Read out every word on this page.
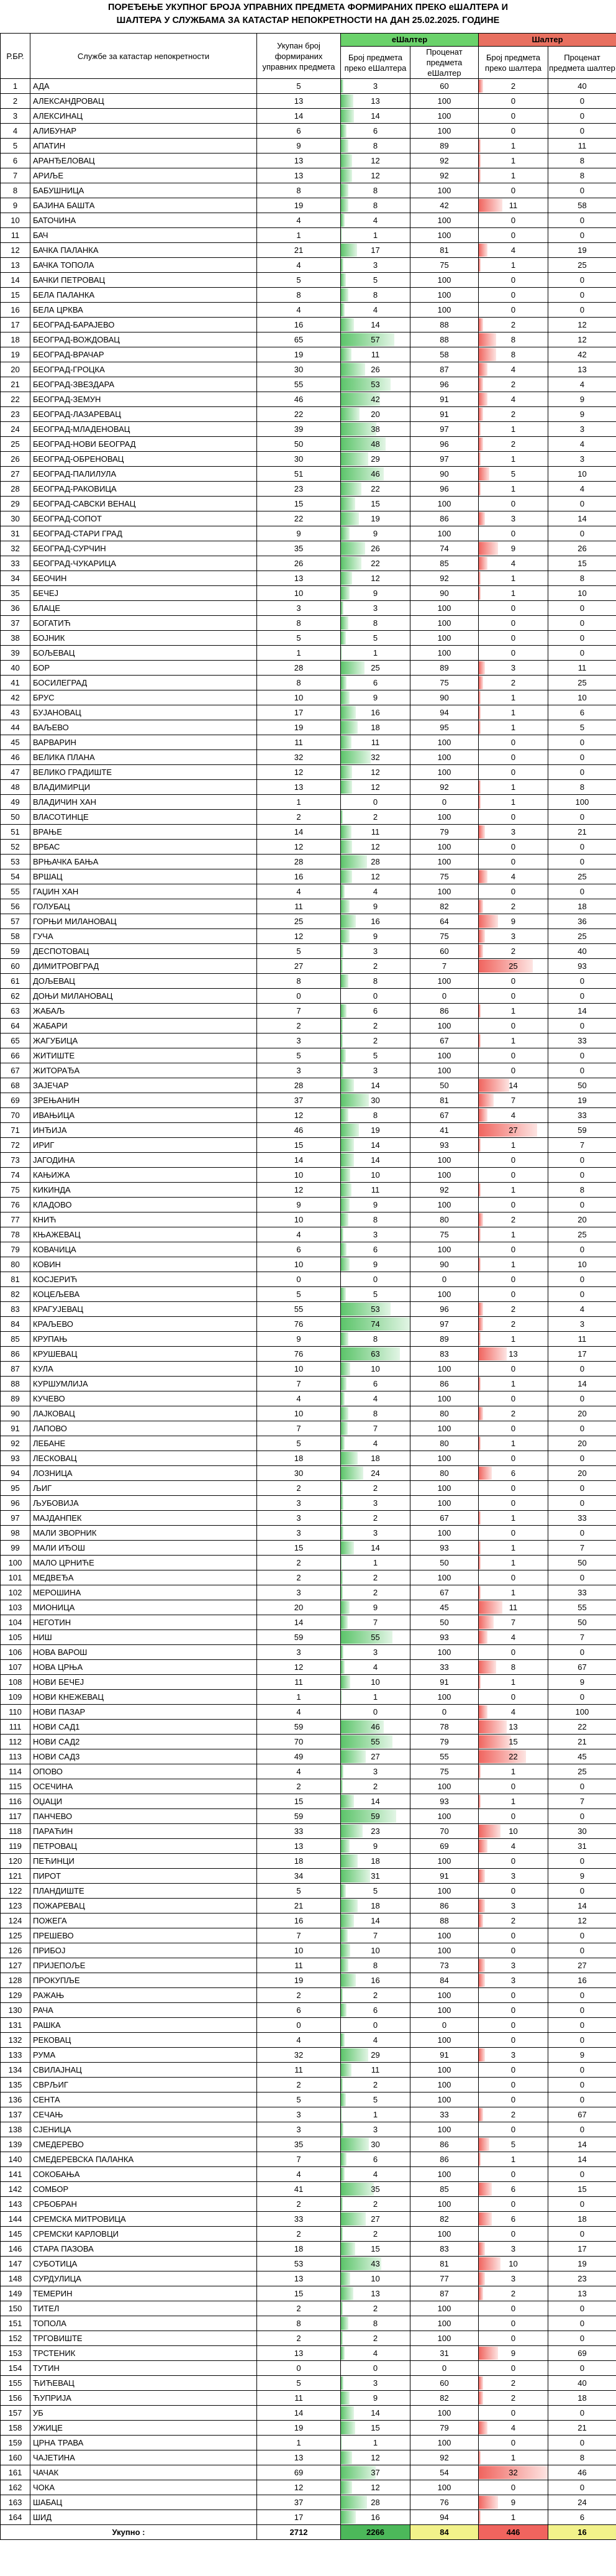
ПОРЕЂЕЊЕ УКУПНОГ БРОЈА УПРАВНИХ ПРЕДМЕТА ФОРМИРАНИХ ПРЕКО еШАЛТЕРА И
ШАЛТЕРА У СЛУЖБАМА ЗА КАТАСТАР НЕПОКРЕТНОСТИ НА ДАН 25.02.2025. ГОДИНЕ
Р.БР.	Службе за катастар непокретности	Укупан број формираних управних предмета	еШалтер		Шалтер	
			Број предмета преко еШалтера	Проценат предмета еШалтер	Број предмета преко шалтера	Проценат предмета шалтер
1	АДА	5	3	60	2	40
2	АЛЕКСАНДРОВАЦ	13	13	100	0	0
3	АЛЕКСИНАЦ	14	14	100	0	0
4	АЛИБУНАР	6	6	100	0	0
5	АПАТИН	9	8	89	1	11
6	АРАНЂЕЛОВАЦ	13	12	92	1	8
7	АРИЉЕ	13	12	92	1	8
8	БАБУШНИЦА	8	8	100	0	0
9	БАЈИНА БАШТА	19	8	42	11	58
10	БАТОЧИНА	4	4	100	0	0
11	БАЧ	1	1	100	0	0
12	БАЧКА ПАЛАНКА	21	17	81	4	19
13	БАЧКА ТОПОЛА	4	3	75	1	25
14	БАЧКИ ПЕТРОВАЦ	5	5	100	0	0
15	БЕЛА ПАЛАНКА	8	8	100	0	0
16	БЕЛА ЦРКВА	4	4	100	0	0
17	БЕОГРАД-БАРАЈЕВО	16	14	88	2	12
18	БЕОГРАД-ВОЖДОВАЦ	65	57	88	8	12
19	БЕОГРАД-ВРАЧАР	19	11	58	8	42
20	БЕОГРАД-ГРОЦКА	30	26	87	4	13
21	БЕОГРАД-ЗВЕЗДАРА	55	53	96	2	4
22	БЕОГРАД-ЗЕМУН	46	42	91	4	9
23	БЕОГРАД-ЛАЗАРЕВАЦ	22	20	91	2	9
24	БЕОГРАД-МЛАДЕНОВАЦ	39	38	97	1	3
25	БЕОГРАД-НОВИ БЕОГРАД	50	48	96	2	4
26	БЕОГРАД-ОБРЕНОВАЦ	30	29	97	1	3
27	БЕОГРАД-ПАЛИЛУЛА	51	46	90	5	10
28	БЕОГРАД-РАКОВИЦА	23	22	96	1	4
29	БЕОГРАД-САВСКИ ВЕНАЦ	15	15	100	0	0
30	БЕОГРАД-СОПОТ	22	19	86	3	14
31	БЕОГРАД-СТАРИ ГРАД	9	9	100	0	0
32	БЕОГРАД-СУРЧИН	35	26	74	9	26
33	БЕОГРАД-ЧУКАРИЦА	26	22	85	4	15
34	БЕОЧИН	13	12	92	1	8
35	БЕЧЕЈ	10	9	90	1	10
36	БЛАЦЕ	3	3	100	0	0
37	БОГАТИЋ	8	8	100	0	0
38	БОЈНИК	5	5	100	0	0
39	БОЉЕВАЦ	1	1	100	0	0
40	БОР	28	25	89	3	11
41	БОСИЛЕГРАД	8	6	75	2	25
42	БРУС	10	9	90	1	10
43	БУЈАНОВАЦ	17	16	94	1	6
44	ВАЉЕВО	19	18	95	1	5
45	ВАРВАРИН	11	11	100	0	0
46	ВЕЛИКА ПЛАНА	32	32	100	0	0
47	ВЕЛИКО ГРАДИШТЕ	12	12	100	0	0
48	ВЛАДИМИРЦИ	13	12	92	1	8
49	ВЛАДИЧИН ХАН	1	0	0	1	100
50	ВЛАСОТИНЦЕ	2	2	100	0	0
51	ВРАЊЕ	14	11	79	3	21
52	ВРБАС	12	12	100	0	0
53	ВРЊАЧКА БАЊА	28	28	100	0	0
54	ВРШАЦ	16	12	75	4	25
55	ГАЏИН ХАН	4	4	100	0	0
56	ГОЛУБАЦ	11	9	82	2	18
57	ГОРЊИ МИЛАНОВАЦ	25	16	64	9	36
58	ГУЧА	12	9	75	3	25
59	ДЕСПОТОВАЦ	5	3	60	2	40
60	ДИМИТРОВГРАД	27	2	7	25	93
61	ДОЉЕВАЦ	8	8	100	0	0
62	ДОЊИ МИЛАНОВАЦ	0	0	0	0	0
63	ЖАБАЉ	7	6	86	1	14
64	ЖАБАРИ	2	2	100	0	0
65	ЖАГУБИЦА	3	2	67	1	33
66	ЖИТИШТЕ	5	5	100	0	0
67	ЖИТОРАЂА	3	3	100	0	0
68	ЗАЈЕЧАР	28	14	50	14	50
69	ЗРЕЊАНИН	37	30	81	7	19
70	ИВАЊИЦА	12	8	67	4	33
71	ИНЂИЈА	46	19	41	27	59
72	ИРИГ	15	14	93	1	7
73	ЈАГОДИНА	14	14	100	0	0
74	КАЊИЖА	10	10	100	0	0
75	КИКИНДА	12	11	92	1	8
76	КЛАДОВО	9	9	100	0	0
77	КНИЋ	10	8	80	2	20
78	КЊАЖЕВАЦ	4	3	75	1	25
79	КОВАЧИЦА	6	6	100	0	0
80	КОВИН	10	9	90	1	10
81	КОСЈЕРИЋ	0	0	0	0	0
82	КОЦЕЉЕВА	5	5	100	0	0
83	КРАГУЈЕВАЦ	55	53	96	2	4
84	КРАЉЕВО	76	74	97	2	3
85	КРУПАЊ	9	8	89	1	11
86	КРУШЕВАЦ	76	63	83	13	17
87	КУЛА	10	10	100	0	0
88	КУРШУМЛИЈА	7	6	86	1	14
89	КУЧЕВО	4	4	100	0	0
90	ЛАЈКОВАЦ	10	8	80	2	20
91	ЛАПОВО	7	7	100	0	0
92	ЛЕБАНЕ	5	4	80	1	20
93	ЛЕСКОВАЦ	18	18	100	0	0
94	ЛОЗНИЦА	30	24	80	6	20
95	ЉИГ	2	2	100	0	0
96	ЉУБОВИЈА	3	3	100	0	0
97	МАЈДАНПЕК	3	2	67	1	33
98	МАЛИ ЗВОРНИК	3	3	100	0	0
99	МАЛИ ИЂОШ	15	14	93	1	7
100	МАЛО ЦРНИЋЕ	2	1	50	1	50
101	МЕДВЕЂА	2	2	100	0	0
102	МЕРОШИНА	3	2	67	1	33
103	МИОНИЦА	20	9	45	11	55
104	НЕГОТИН	14	7	50	7	50
105	НИШ	59	55	93	4	7
106	НОВА ВАРОШ	3	3	100	0	0
107	НОВА ЦРЊА	12	4	33	8	67
108	НОВИ БЕЧЕЈ	11	10	91	1	9
109	НОВИ КНЕЖЕВАЦ	1	1	100	0	0
110	НОВИ ПАЗАР	4	0	0	4	100
111	НОВИ САД1	59	46	78	13	22
112	НОВИ САД2	70	55	79	15	21
113	НОВИ САД3	49	27	55	22	45
114	ОПОВО	4	3	75	1	25
115	ОСЕЧИНА	2	2	100	0	0
116	ОЏАЦИ	15	14	93	1	7
117	ПАНЧЕВО	59	59	100	0	0
118	ПАРАЋИН	33	23	70	10	30
119	ПЕТРОВАЦ	13	9	69	4	31
120	ПЕЋИНЦИ	18	18	100	0	0
121	ПИРОТ	34	31	91	3	9
122	ПЛАНДИШТЕ	5	5	100	0	0
123	ПОЖАРЕВАЦ	21	18	86	3	14
124	ПОЖЕГА	16	14	88	2	12
125	ПРЕШЕВО	7	7	100	0	0
126	ПРИБОЈ	10	10	100	0	0
127	ПРИЈЕПОЉЕ	11	8	73	3	27
128	ПРОКУПЉЕ	19	16	84	3	16
129	РАЖАЊ	2	2	100	0	0
130	РАЧА	6	6	100	0	0
131	РАШКА	0	0	0	0	0
132	РЕКОВАЦ	4	4	100	0	0
133	РУМА	32	29	91	3	9
134	СВИЛАЈНАЦ	11	11	100	0	0
135	СВРЉИГ	2	2	100	0	0
136	СЕНТА	5	5	100	0	0
137	СЕЧАЊ	3	1	33	2	67
138	СЈЕНИЦА	3	3	100	0	0
139	СМЕДЕРЕВО	35	30	86	5	14
140	СМЕДЕРЕВСКА ПАЛАНКА	7	6	86	1	14
141	СОКОБАЊА	4	4	100	0	0
142	СОМБОР	41	35	85	6	15
143	СРБОБРАН	2	2	100	0	0
144	СРЕМСКА МИТРОВИЦА	33	27	82	6	18
145	СРЕМСКИ КАРЛОВЦИ	2	2	100	0	0
146	СТАРА ПАЗОВА	18	15	83	3	17
147	СУБОТИЦА	53	43	81	10	19
148	СУРДУЛИЦА	13	10	77	3	23
149	ТЕМЕРИН	15	13	87	2	13
150	ТИТЕЛ	2	2	100	0	0
151	ТОПОЛА	8	8	100	0	0
152	ТРГОВИШТЕ	2	2	100	0	0
153	ТРСТЕНИК	13	4	31	9	69
154	ТУТИН	0	0	0	0	0
155	ЋИЋЕВАЦ	5	3	60	2	40
156	ЋУПРИЈА	11	9	82	2	18
157	УБ	14	14	100	0	0
158	УЖИЦЕ	19	15	79	4	21
159	ЦРНА ТРАВА	1	1	100	0	0
160	ЧАЈЕТИНА	13	12	92	1	8
161	ЧАЧАК	69	37	54	32	46
162	ЧОКА	12	12	100	0	0
163	ШАБАЦ	37	28	76	9	24
164	ШИД	17	16	94	1	6
Укупно :		2712	2266	84	446	16
